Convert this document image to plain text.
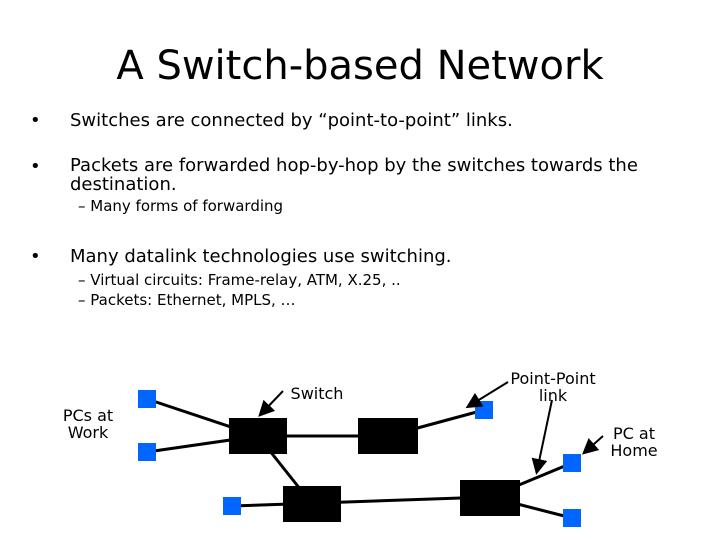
A Switch-based Network
• Switches are connected by “point-to-point” links.
• Packets are forwarded hop-by-hop by the switches towards the destination.
– Many forms of forwarding
• Many datalink technologies use switching.
– Virtual circuits: Frame-relay, ATM, X.25, ..
– Packets: Ethernet, MPLS, …
PCs at
Work
Switch
Point-Point
link
PC at
Home
